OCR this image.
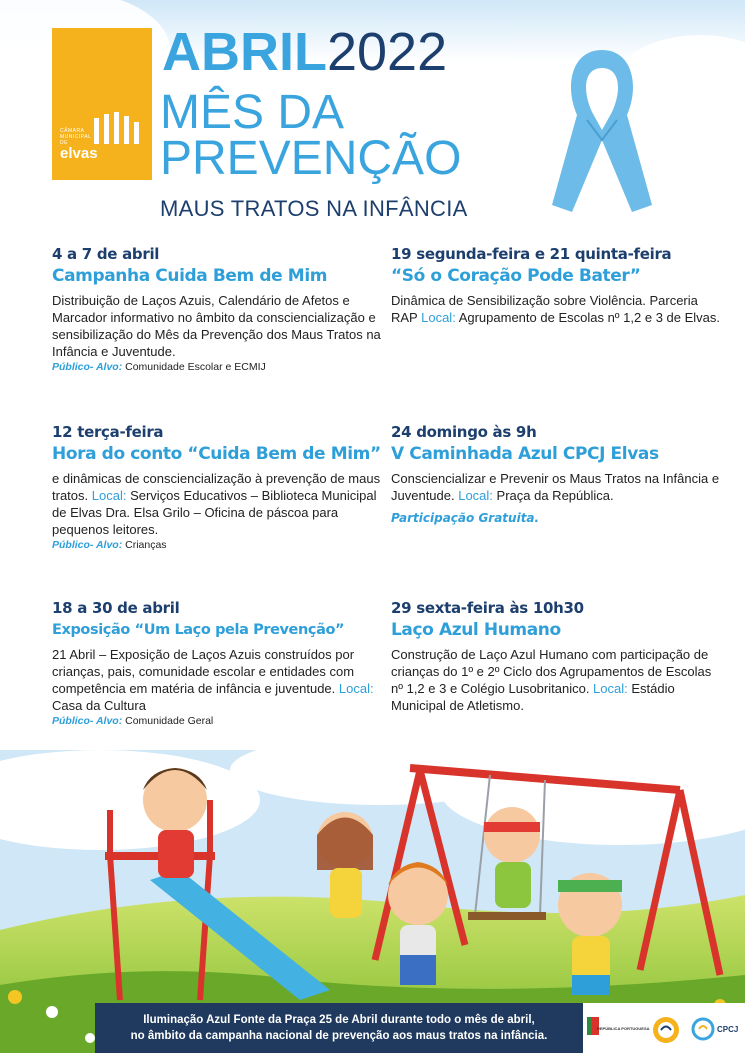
CÂMARA MUNICIPAL DE
elvas
ABRIL2022
MÊS DA
PREVENÇÃO
MAUS TRATOS NA INFÂNCIA
4 a 7 de abril
Campanha Cuida Bem de Mim
Distribuição de Laços Azuis, Calendário de Afetos e Marcador informativo no âmbito da consciencialização e sensibilização do Mês da Prevenção dos Maus Tratos na Infância e Juventude.
Público- Alvo: Comunidade Escolar e ECMIJ
19 segunda-feira e 21 quinta-feira
“Só o Coração Pode Bater”
Dinâmica de Sensibilização sobre Violência. Parceria RAP Local: Agrupamento de Escolas nº 1,2 e 3 de Elvas.
12 terça-feira
Hora do conto “Cuida Bem de Mim”
e dinâmicas de consciencialização à prevenção de maus tratos. Local: Serviços Educativos – Biblioteca Municipal de Elvas Dra. Elsa Grilo – Oficina de páscoa para pequenos leitores.
Público- Alvo: Crianças
24 domingo às 9h
V Caminhada Azul CPCJ Elvas
Consciencializar e Prevenir os Maus Tratos na Infância e Juventude. Local: Praça da República.
Participação Gratuita.
18 a 30 de abril
Exposição “Um Laço pela Prevenção”
21 Abril – Exposição de Laços Azuis construídos por crianças, pais, comunidade escolar e entidades com competência em matéria de infância e juventude. Local: Casa da Cultura
Público- Alvo: Comunidade Geral
29 sexta-feira às 10h30
Laço Azul Humano
Construção de Laço Azul Humano com participação de crianças do 1º e 2º Ciclo dos Agrupamentos de Escolas nº 1,2 e 3 e Colégio Lusobritanico. Local: Estádio Municipal de Atletismo.
Iluminação Azul Fonte da Praça 25 de Abril durante todo o mês de abril,
no âmbito da campanha nacional de prevenção aos maus tratos na infância.
REPÚBLICA PORTUGUESA	CPCJ
